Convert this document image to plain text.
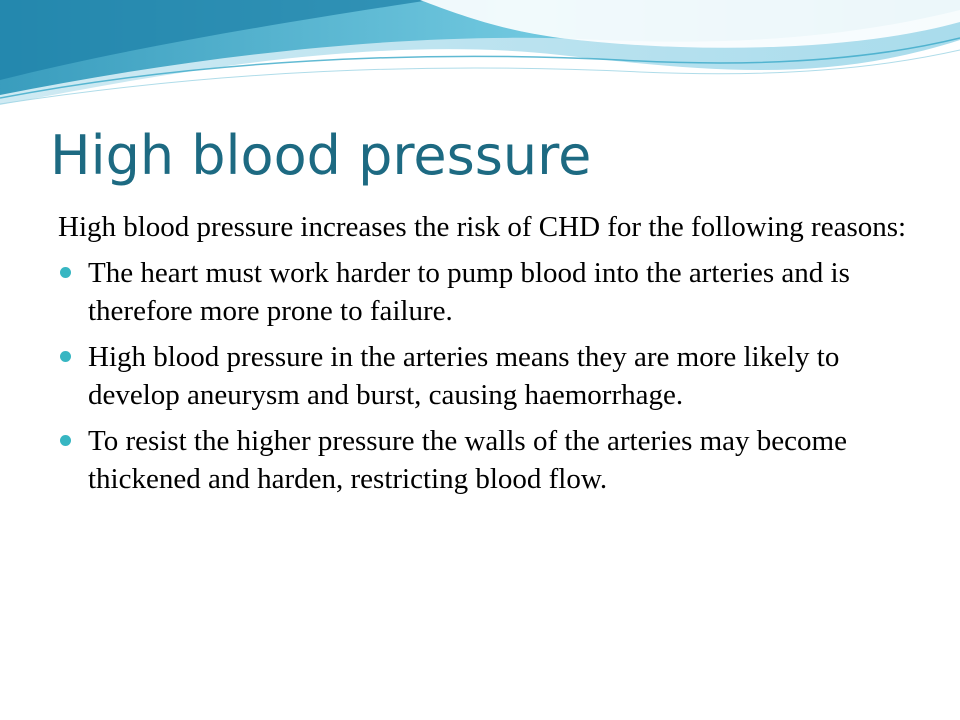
High blood pressure

High blood pressure increases the risk of CHD for the following reasons:

The heart must work harder to pump blood into the arteries and is therefore more prone to failure.
High blood pressure in the arteries means they are more likely to develop aneurysm and burst, causing haemorrhage.
To resist the higher pressure the walls of the arteries may become thickened and harden, restricting blood flow.
